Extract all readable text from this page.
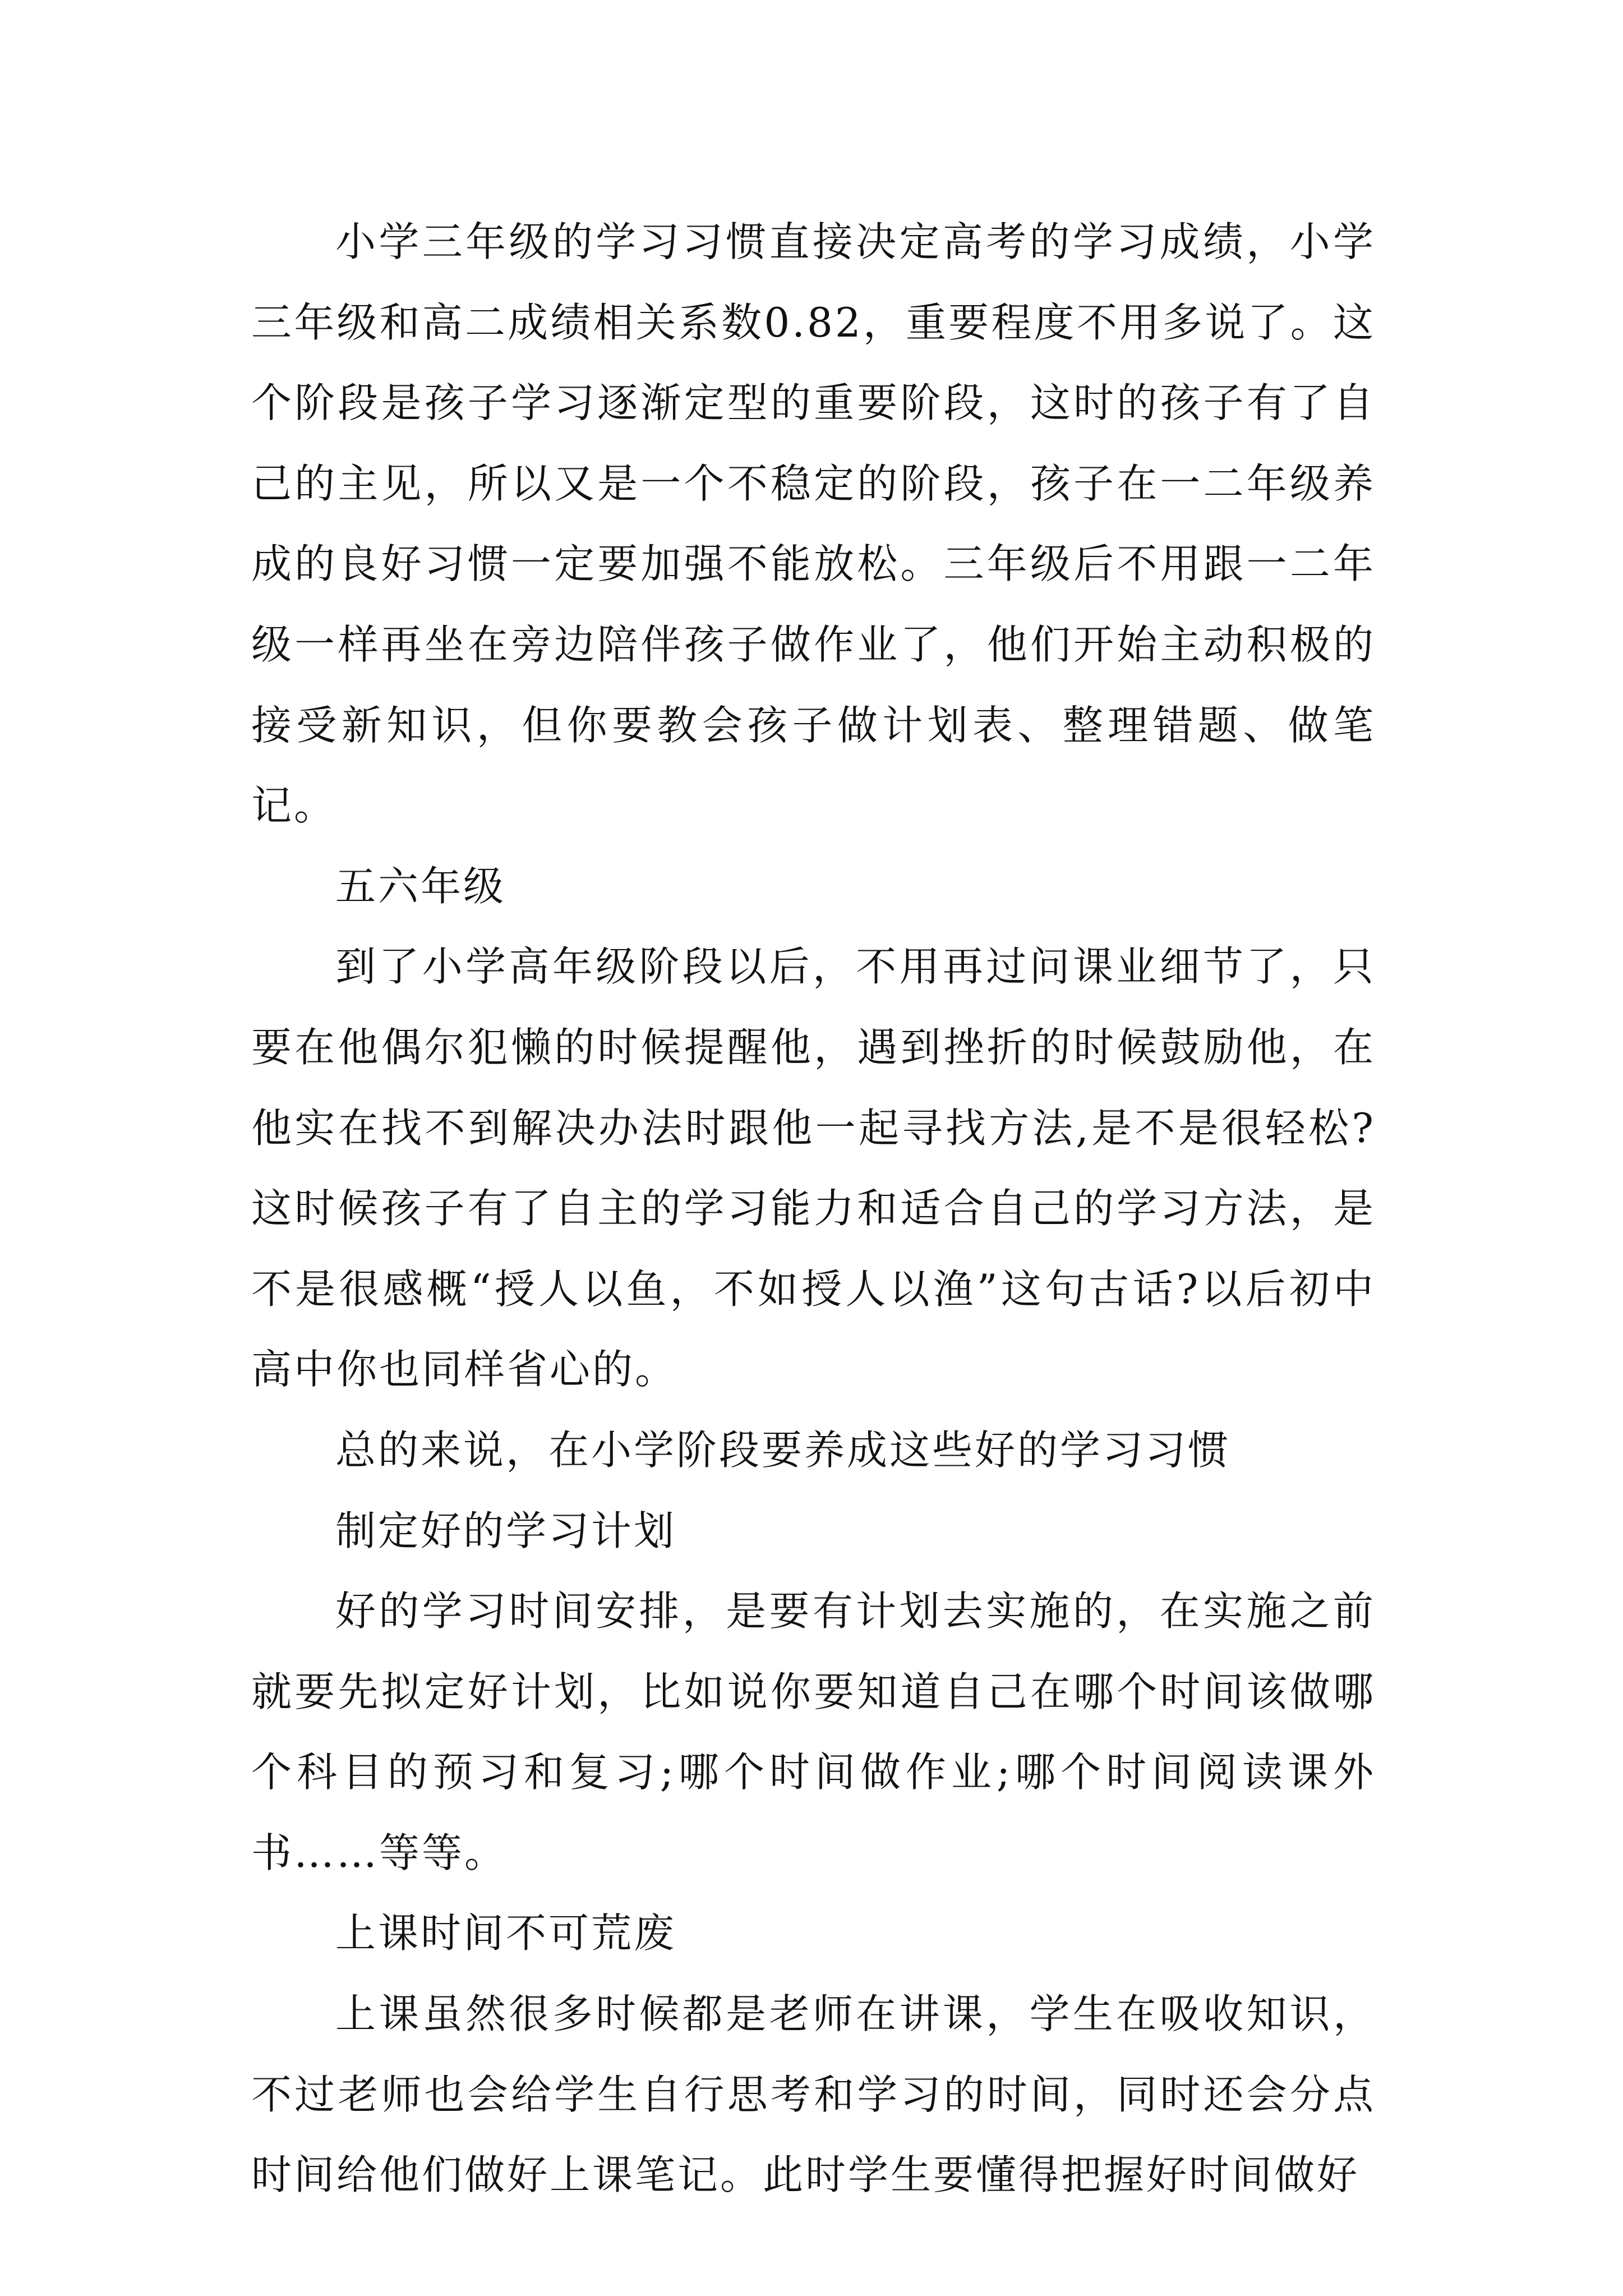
小学三年级的学习习惯直接决定高考的学习成绩，小学三年级和高二成绩相关系数0.82，重要程度不用多说了。这个阶段是孩子学习逐渐定型的重要阶段，这时的孩子有了自己的主见，所以又是一个不稳定的阶段，孩子在一二年级养成的良好习惯一定要加强不能放松。三年级后不用跟一二年级一样再坐在旁边陪伴孩子做作业了，他们开始主动积极的接受新知识，但你要教会孩子做计划表、整理错题、做笔记。

五六年级

到了小学高年级阶段以后，不用再过问课业细节了，只要在他偶尔犯懒的时候提醒他，遇到挫折的时候鼓励他，在他实在找不到解决办法时跟他一起寻找方法,是不是很轻松?这时候孩子有了自主的学习能力和适合自己的学习方法，是不是很感概“授人以鱼，不如授人以渔”这句古话?以后初中高中你也同样省心的。

总的来说，在小学阶段要养成这些好的学习习惯

制定好的学习计划

好的学习时间安排，是要有计划去实施的，在实施之前就要先拟定好计划，比如说你要知道自己在哪个时间该做哪个科目的预习和复习;哪个时间做作业;哪个时间阅读课外书……等等。

上课时间不可荒废

上课虽然很多时候都是老师在讲课，学生在吸收知识，不过老师也会给学生自行思考和学习的时间，同时还会分点时间给他们做好上课笔记。此时学生要懂得把握好时间做好
